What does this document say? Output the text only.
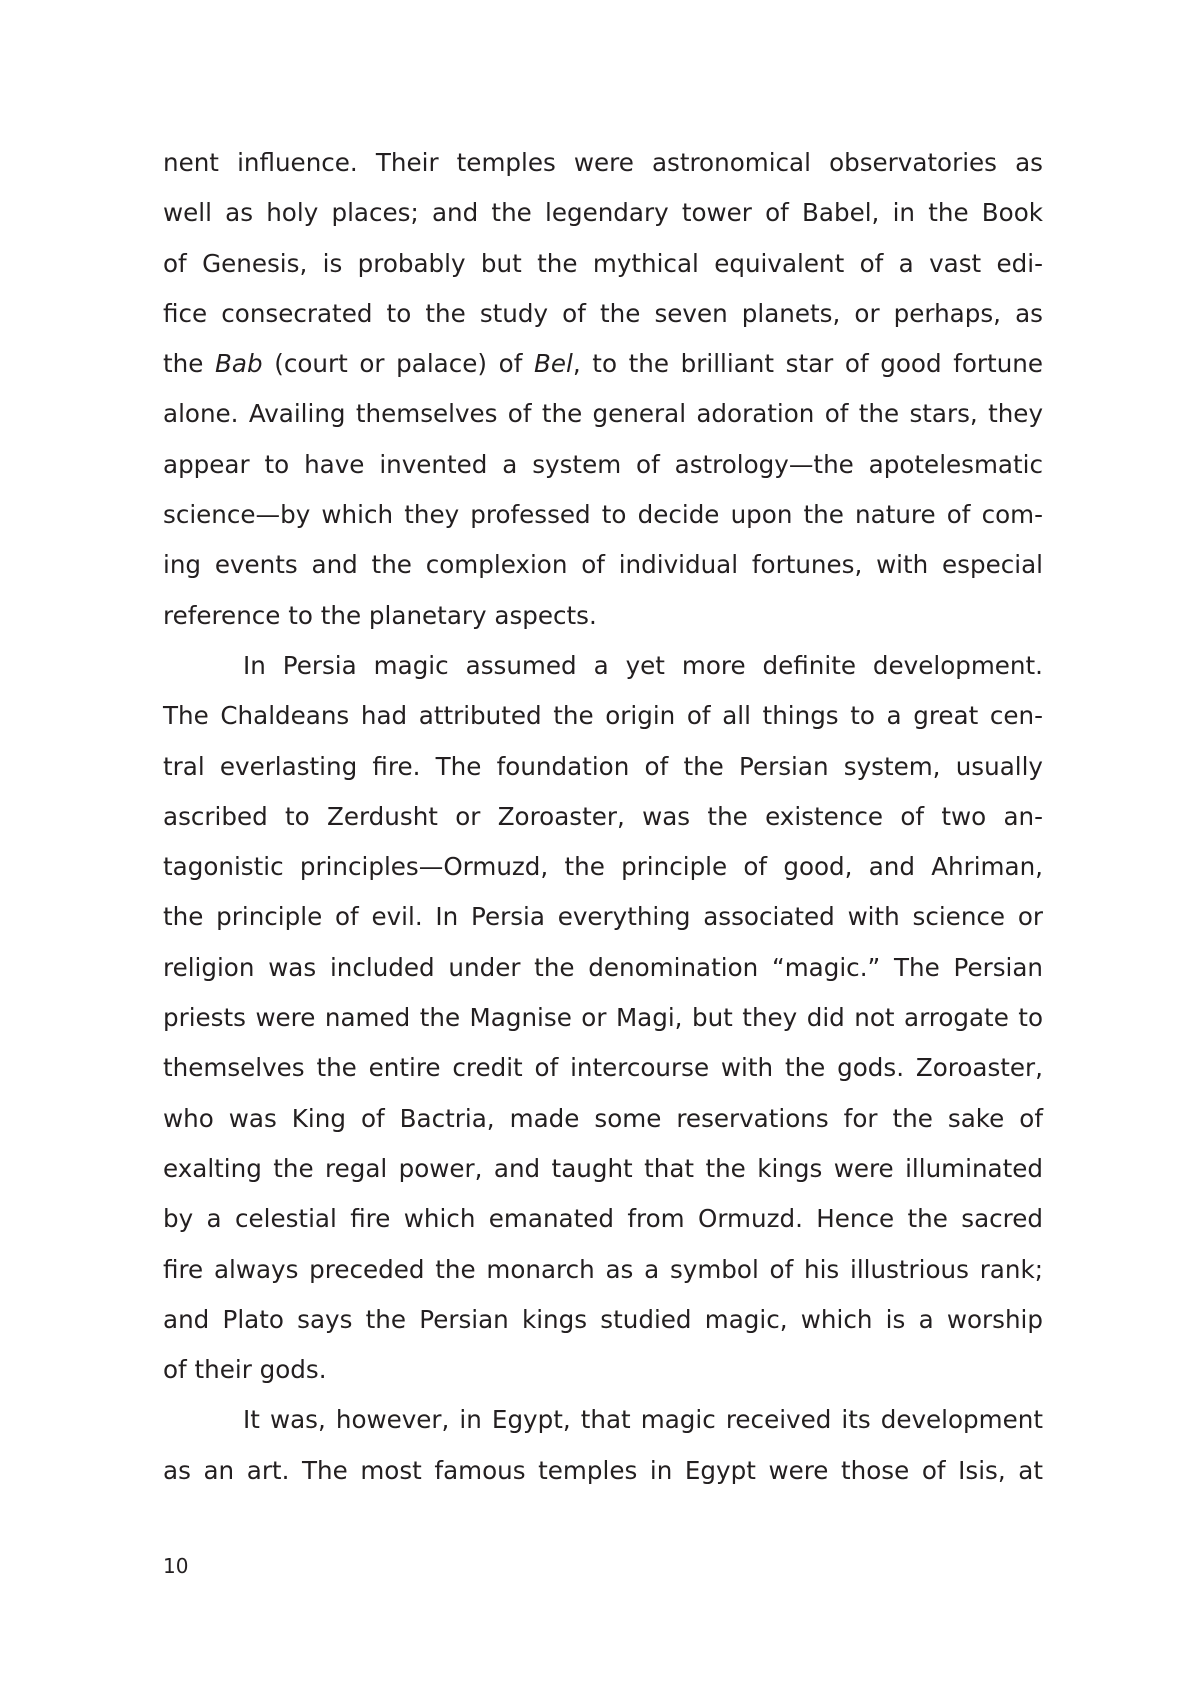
nent influence. Their temples were astronomical observatories as
well as holy places; and the legendary tower of Babel, in the Book
of Genesis, is probably but the mythical equivalent of a vast edi-
fice consecrated to the study of the seven planets, or perhaps, as
the Bab (court or palace) of Bel, to the brilliant star of good fortune
alone. Availing themselves of the general adoration of the stars, they
appear to have invented a system of astrology—the apotelesmatic
science—by which they professed to decide upon the nature of com-
ing events and the complexion of individual fortunes, with especial
reference to the planetary aspects.
In Persia magic assumed a yet more definite development.
The Chaldeans had attributed the origin of all things to a great cen-
tral everlasting fire. The foundation of the Persian system, usually
ascribed to Zerdusht or Zoroaster, was the existence of two an-
tagonistic principles—Ormuzd, the principle of good, and Ahriman,
the principle of evil. In Persia everything associated with science or
religion was included under the denomination “magic.” The Persian
priests were named the Magnise or Magi, but they did not arrogate to
themselves the entire credit of intercourse with the gods. Zoroaster,
who was King of Bactria, made some reservations for the sake of
exalting the regal power, and taught that the kings were illuminated
by a celestial fire which emanated from Ormuzd. Hence the sacred
fire always preceded the monarch as a symbol of his illustrious rank;
and Plato says the Persian kings studied magic, which is a worship
of their gods.
It was, however, in Egypt, that magic received its development
as an art. The most famous temples in Egypt were those of Isis, at
10
